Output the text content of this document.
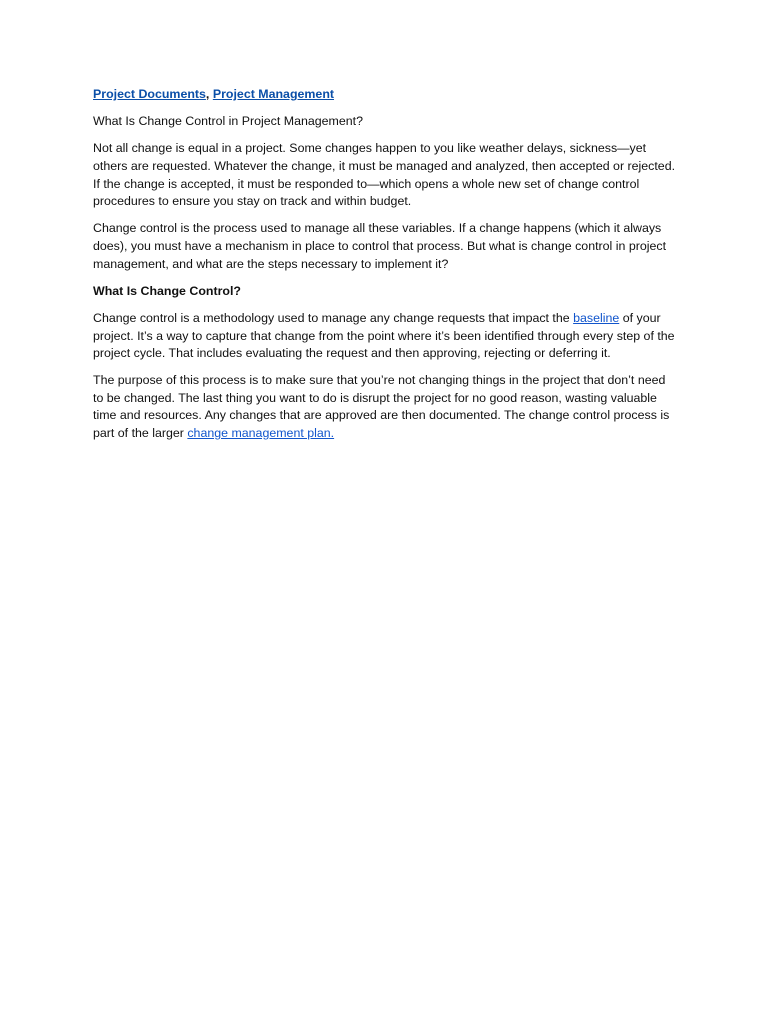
Project Documents, Project Management

What Is Change Control in Project Management?

Not all change is equal in a project. Some changes happen to you like weather delays, sickness—yet others are requested. Whatever the change, it must be managed and analyzed, then accepted or rejected. If the change is accepted, it must be responded to—which opens a whole new set of change control procedures to ensure you stay on track and within budget.

Change control is the process used to manage all these variables. If a change happens (which it always does), you must have a mechanism in place to control that process. But what is change control in project management, and what are the steps necessary to implement it?

What Is Change Control?

Change control is a methodology used to manage any change requests that impact the baseline of your project. It’s a way to capture that change from the point where it’s been identified through every step of the project cycle. That includes evaluating the request and then approving, rejecting or deferring it.

The purpose of this process is to make sure that you’re not changing things in the project that don’t need to be changed. The last thing you want to do is disrupt the project for no good reason, wasting valuable time and resources. Any changes that are approved are then documented. The change control process is part of the larger change management plan.
